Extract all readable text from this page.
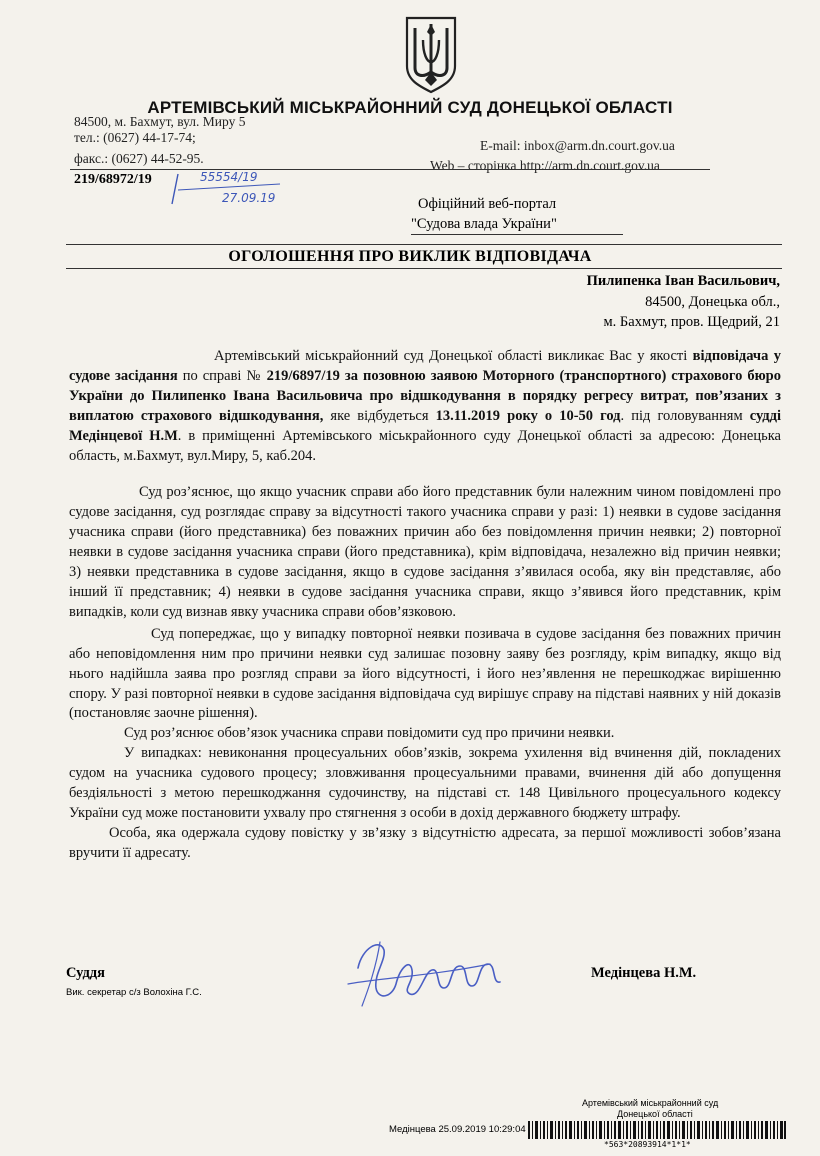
АРТЕМІВСЬКИЙ МІСЬКРАЙОННИЙ СУД ДОНЕЦЬКОЇ ОБЛАСТІ
84500, м. Бахмут, вул. Миру 5
тел.: (0627) 44-17-74;
факс.: (0627) 44-52-95.
E-mail: inbox@arm.dn.court.gov.ua
Web – сторінка http://arm.dn.court.gov.ua
219/68972/19	55554/19
27.09.19	Офіційний веб-портал
"Судова влада України"
ОГОЛОШЕННЯ ПРО ВИКЛИК ВІДПОВІДАЧА
Пилипенка Іван Васильович,
84500, Донецька обл.,
м. Бахмут, пров. Щедрий, 21

Артемівський міськрайонний суд Донецької області викликає Вас у якості відповідача у судове засідання по справі № 219/6897/19 за позовною заявою Моторного (транспортного) страхового бюро України до Пилипенко Івана Васильовича про відшкодування в порядку регресу витрат, пов’язаних з виплатою страхового відшкодування, яке відбудеться 13.11.2019 року о 10-50 год. під головуванням судді Медінцевої Н.М. в приміщенні Артемівського міськрайонного суду Донецької області за адресою: Донецька область, м.Бахмут, вул.Миру, 5, каб.204.

Суд роз’яснює, що якщо учасник справи або його представник були належним чином повідомлені про судове засідання, суд розглядає справу за відсутності такого учасника справи у разі: 1) неявки в судове засідання учасника справи (його представника) без поважних причин або без повідомлення причин неявки; 2) повторної неявки в судове засідання учасника справи (його представника), крім відповідача, незалежно від причин неявки; 3) неявки представника в судове засідання, якщо в судове засідання з’явилася особа, яку він представляє, або інший її представник; 4) неявки в судове засідання учасника справи, якщо з’явився його представник, крім випадків, коли суд визнав явку учасника справи обов’язковою.

Суд попереджає, що у випадку повторної неявки позивача в судове засідання без поважних причин або неповідомлення ним про причини неявки суд залишає позовну заяву без розгляду, крім випадку, якщо від нього надійшла заява про розгляд справи за його відсутності, і його нез’явлення не перешкоджає вирішенню спору. У разі повторної неявки в судове засідання відповідача суд вирішує справу на підставі наявних у ній доказів (постановляє заочне рішення).

Суд роз’яснює обов’язок учасника справи повідомити суд про причини неявки.

У випадках: невиконання процесуальних обов’язків, зокрема ухилення від вчинення дій, покладених судом на учасника судового процесу; зловживання процесуальними правами, вчинення дій або допущення бездіяльності з метою перешкоджання судочинству, на підставі ст. 148 Цивільного процесуального кодексу України суд може постановити ухвалу про стягнення з особи в дохід державного бюджету штрафу.

Особа, яка одержала судову повістку у зв’язку з відсутністю адресата, за першої можливості зобов’язана вручити її адресату.

Суддя
Вик. секретар с/з Волохіна Г.С.
Медінцева Н.М.
Артемівський міськрайонний суд
Донецької області
Медінцева 25.09.2019 10:29:04
*563*20893914*1*1*
